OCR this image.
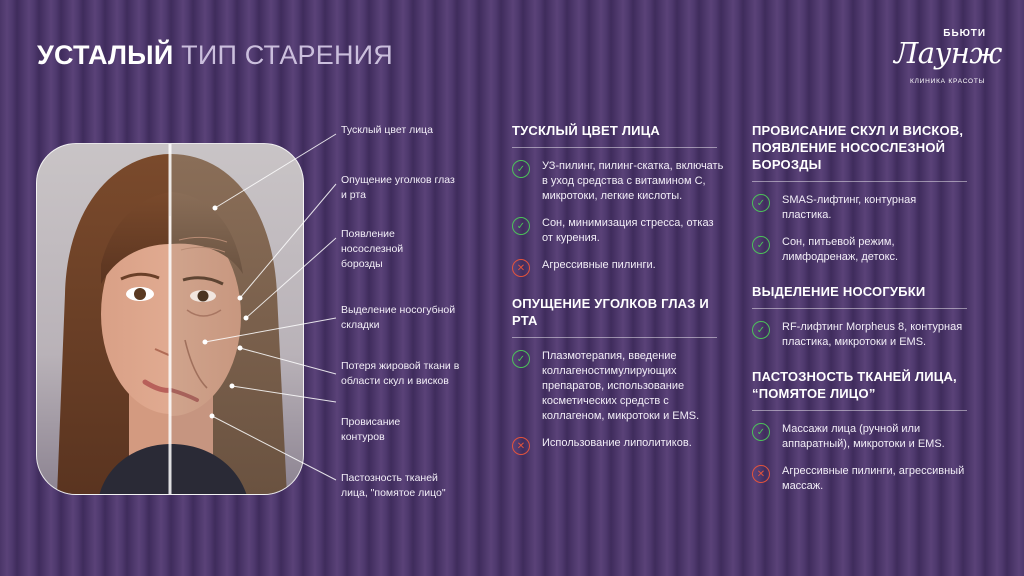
УСТАЛЫЙ ТИП СТАРЕНИЯ
БЬЮТИ
Лаунж
КЛИНИКА КРАСОТЫ
Тусклый цвет лица
Опущение уголков глаз и рта
Появление носослезной борозды
Выделение носогубной складки
Потеря жировой ткани в области скул и висков
Провисание контуров
Пастозность тканей лица, "помятое лицо"
ТУСКЛЫЙ ЦВЕТ ЛИЦА
✓	УЗ-пилинг, пилинг-скатка, включать в уход средства с витамином С, микротоки, легкие кислоты.
✓	Сон, минимизация стресса, отказ от курения.
✕	Агрессивные пилинги.
ОПУЩЕНИЕ УГОЛКОВ ГЛАЗ И РТА
✓	Плазмотерапия, введение коллагеностимулирующих препаратов, использование косметических средств с коллагеном, микротоки и EMS.
✕	Использование липолитиков.
ПРОВИСАНИЕ СКУЛ И ВИСКОВ, ПОЯВЛЕНИЕ НОСОСЛЕЗНОЙ БОРОЗДЫ
✓	SMAS-лифтинг, контурная пластика.
✓	Сон, питьевой режим, лимфодренаж, детокс.
ВЫДЕЛЕНИЕ НОСОГУБКИ
✓	RF-лифтинг Morpheus 8, контурная пластика, микротоки и EMS.
ПАСТОЗНОСТЬ ТКАНЕЙ ЛИЦА, “ПОМЯТОЕ ЛИЦО”
✓	Массажи лица (ручной или аппаратный), микротоки и EMS.
✕	Агрессивные пилинги, агрессивный массаж.
